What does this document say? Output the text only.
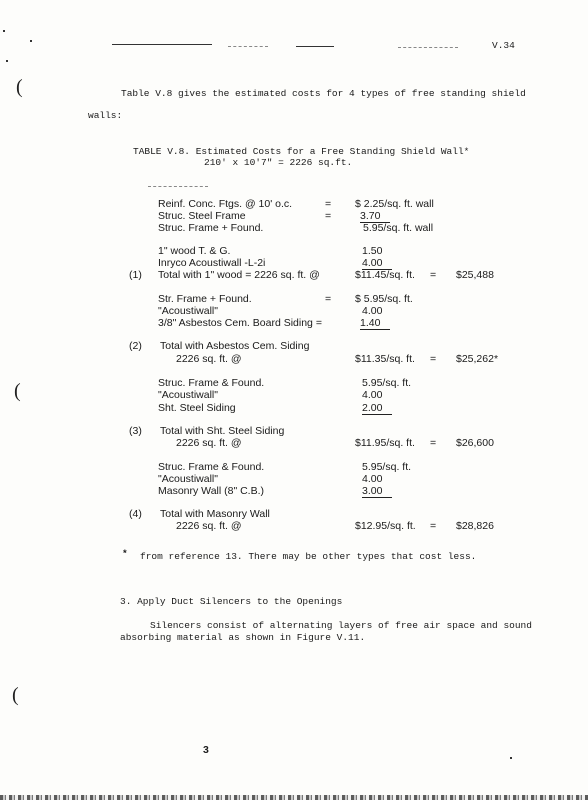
V.34
(
(
(
Table V.8 gives the estimated costs for 4 types of free standing shield
walls:
TABLE V.8. Estimated Costs for a Free Standing Shield Wall*
210' x 10'7" = 2226 sq.ft.
Reinf. Conc. Ftgs. @ 10' o.c.	= $ 2.25/sq. ft. wall
Struc. Steel Frame	=	3.70
Struc. Frame + Found.	5.95/sq. ft. wall
1" wood T. & G.	1.50
Inryco Acoustiwall -L-2i	4.00
(1) Total with 1" wood = 2226 sq. ft. @	$11.45/sq. ft. = $25,488
Str. Frame + Found.	= $ 5.95/sq. ft.
"Acoustiwall"	4.00
3/8" Asbestos Cem. Board Siding =	1.40
(2) Total with Asbestos Cem. Siding
2226 sq. ft. @	$11.35/sq. ft. = $25,262*
Struc. Frame & Found.	5.95/sq. ft.
"Acoustiwall"	4.00
Sht. Steel Siding	2.00
(3) Total with Sht. Steel Siding
2226 sq. ft. @	$11.95/sq. ft. = $26,600
Struc. Frame & Found.	5.95/sq. ft.
"Acoustiwall"	4.00
Masonry Wall (8" C.B.)	3.00
(4) Total with Masonry Wall
2226 sq. ft. @	$12.95/sq. ft. = $28,826
* from reference 13. There may be other types that cost less.
3. Apply Duct Silencers to the Openings
Silencers consist of alternating layers of free air space and sound
absorbing material as shown in Figure V.11.
3
